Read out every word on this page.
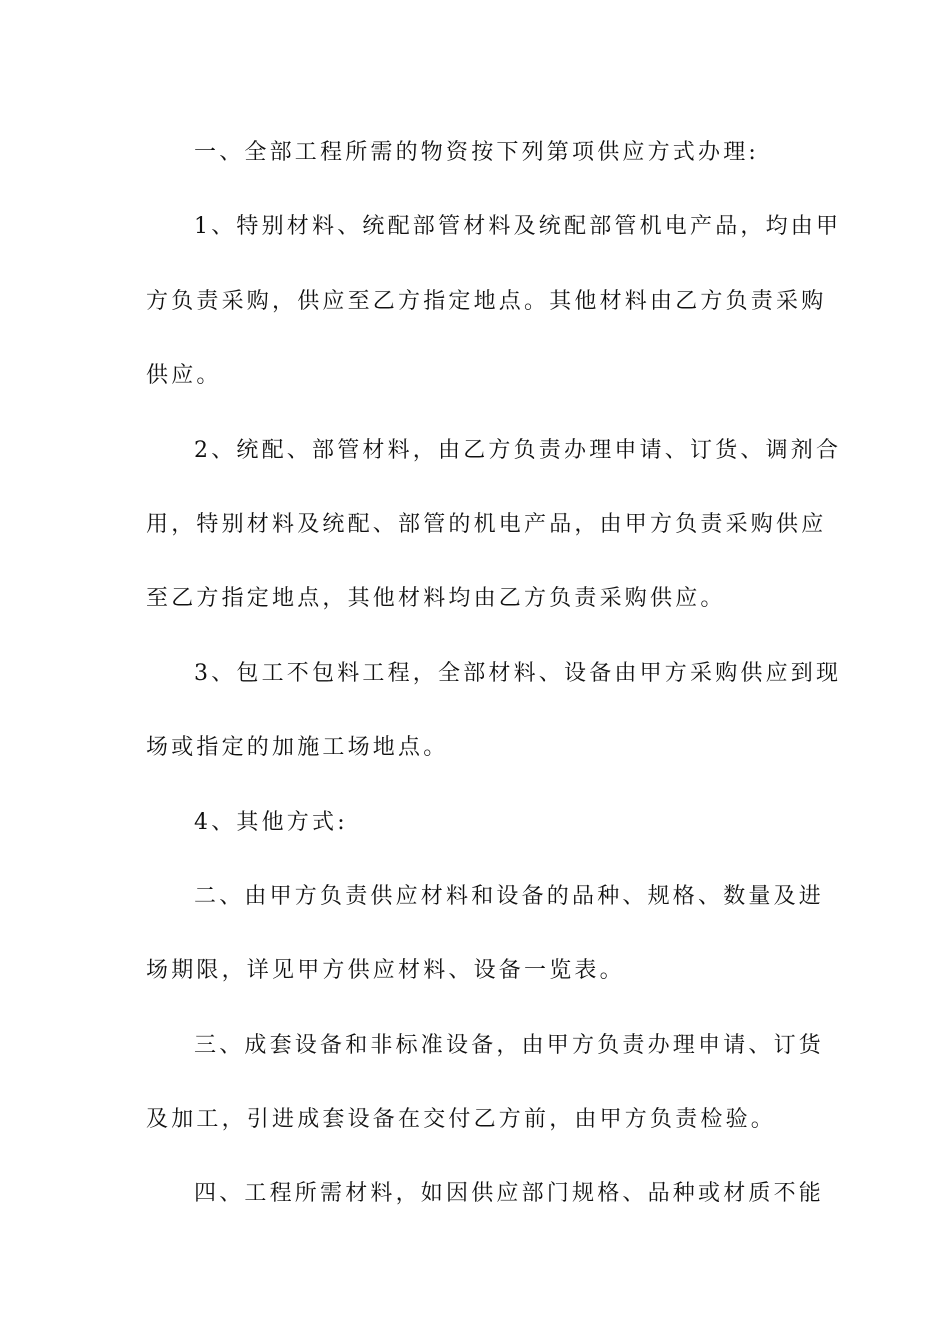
一、全部工程所需的物资按下列第项供应方式办理:
1、特别材料、统配部管材料及统配部管机电产品，均由甲
方负责采购，供应至乙方指定地点。其他材料由乙方负责采购
供应。
2、统配、部管材料，由乙方负责办理申请、订货、调剂合
用，特别材料及统配、部管的机电产品，由甲方负责采购供应
至乙方指定地点，其他材料均由乙方负责采购供应。
3、包工不包料工程，全部材料、设备由甲方采购供应到现
场或指定的加施工场地点。
4、其他方式:
二、由甲方负责供应材料和设备的品种、规格、数量及进
场期限，详见甲方供应材料、设备一览表。
三、成套设备和非标准设备，由甲方负责办理申请、订货
及加工，引进成套设备在交付乙方前，由甲方负责检验。
四、工程所需材料，如因供应部门规格、品种或材质不能
